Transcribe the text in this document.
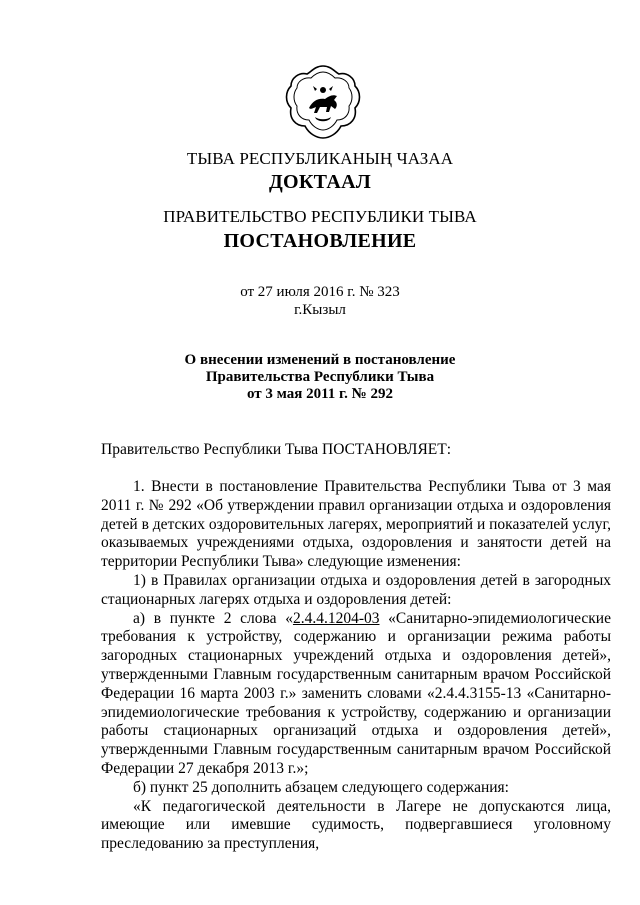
ТЫВА РЕСПУБЛИКАНЫҢ ЧАЗАА
ДОКТААЛ
ПРАВИТЕЛЬСТВО РЕСПУБЛИКИ ТЫВА
ПОСТАНОВЛЕНИЕ
от 27 июля 2016 г. № 323
г.Кызыл
О внесении изменений в постановление
Правительства Республики Тыва
от 3 мая 2011 г. № 292
Правительство Республики Тыва ПОСТАНОВЛЯЕТ:

1. Внести в постановление Правительства Республики Тыва от 3 мая 2011 г. № 292 «Об утверждении правил организации отдыха и оздоровления детей в детских оздоровительных лагерях, мероприятий и показателей услуг, оказываемых учреждениями отдыха, оздоровления и занятости детей на территории Республики Тыва» следующие изменения:

1) в Правилах организации отдыха и оздоровления детей в загородных стационарных лагерях отдыха и оздоровления детей:

а) в пункте 2 слова «2.4.4.1204-03 «Санитарно-эпидемиологические требования к устройству, содержанию и организации режима работы загородных стационарных учреждений отдыха и оздоровления детей», утвержденными Главным государственным санитарным врачом Российской Федерации 16 марта 2003 г.» заменить словами «2.4.4.3155-13 «Санитарно-эпидемиологические требования к устройству, содержанию и организации работы стационарных организаций отдыха и оздоровления детей», утвержденными Главным государственным санитарным врачом Российской Федерации 27 декабря 2013 г.»;

б) пункт 25 дополнить абзацем следующего содержания:

«К педагогической деятельности в Лагере не допускаются лица, имеющие или имевшие судимость, подвергавшиеся уголовному преследованию за преступления,
